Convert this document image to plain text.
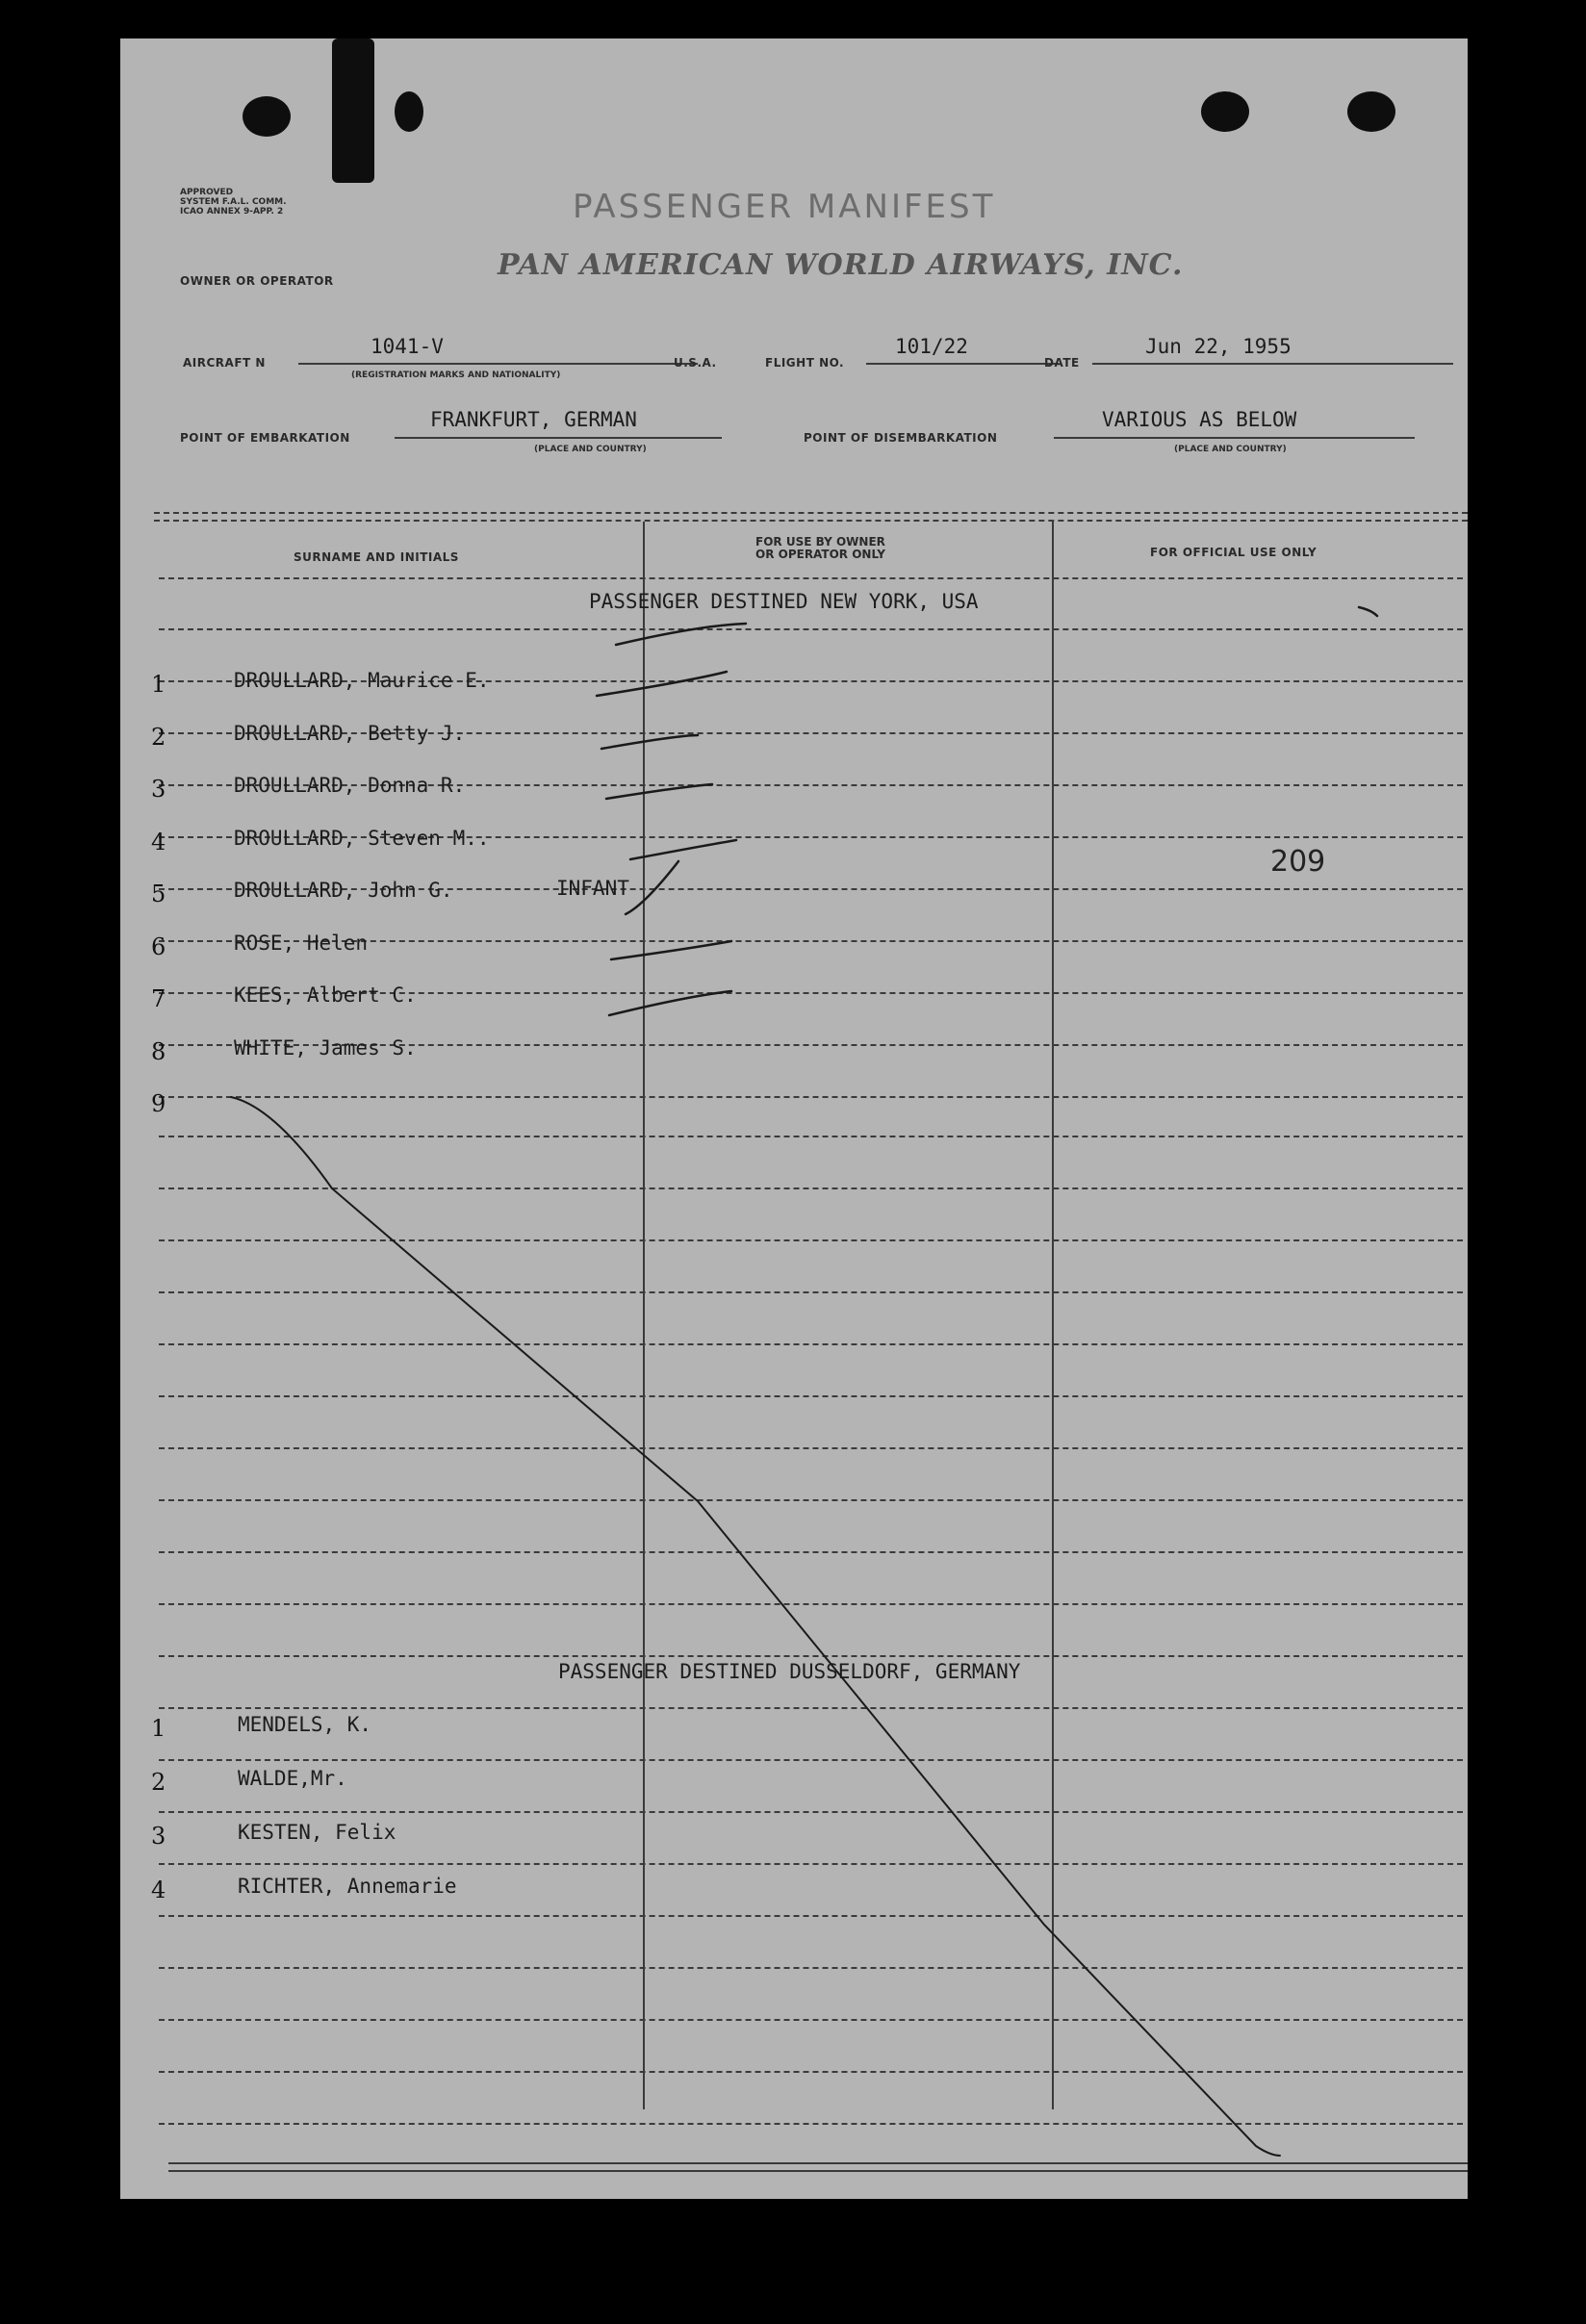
APPROVED
SYSTEM F.A.L. COMM.
ICAO ANNEX 9-APP. 2	PASSENGER MANIFEST
OWNER OR OPERATOR	PAN AMERICAN WORLD AIRWAYS, INC.
AIRCRAFT N
1041-V
(REGISTRATION MARKS AND NATIONALITY)
U.S.A.	FLIGHT NO.
101/22
DATE
Jun 22, 1955
POINT OF EMBARKATION
FRANKFURT, GERMAN
(PLACE AND COUNTRY)
POINT OF DISEMBARKATION
VARIOUS AS BELOW
(PLACE AND COUNTRY)
SURNAME AND INITIALS
FOR USE BY OWNER
OR OPERATOR ONLY	FOR OFFICIAL USE ONLY
PASSENGER DESTINED NEW YORK, USA
1	DROULLARD, Maurice E.
2	DROULLARD, Betty J.
3	DROULLARD, Donna R.
4	DROULLARD, Steven M..
5	DROULLARD, John G.	INFANT
6	ROSE, Helen
7	KEES, Albert C.
8	WHITE, James S.
9
209
PASSENGER DESTINED DUSSELDORF, GERMANY
1	MENDELS, K.
2	WALDE,Mr.
3	KESTEN, Felix
4	RICHTER, Annemarie
